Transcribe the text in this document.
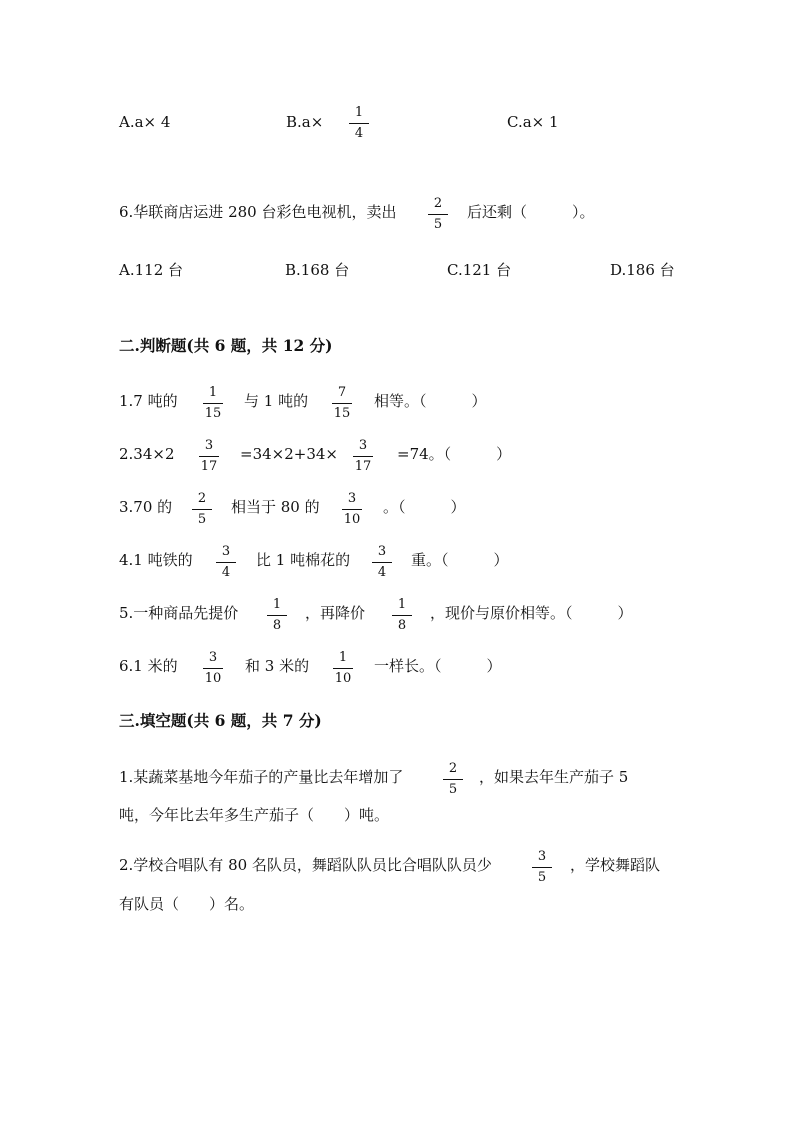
A.a× 4	B.a×
1
4
C.a× 1
6.华联商店运进 280 台彩色电视机，卖出	2
5
后还剩（　　　）。
A.112 台	B.168 台	C.121 台	D.186 台
二.判断题(共 6 题，共 12 分)
1.7 吨的	1
15
与 1 吨的	7
15
相等。（　　　）
2.34×2	3
17
=34×2+34×	3
17
=74。（　　　）
3.70 的	2
5
相当于 80 的	3
10
。（　　　）
4.1 吨铁的	3
4
比 1 吨棉花的	3
4
重。（　　　）
5.一种商品先提价	1
8
，再降价	1
8
，现价与原价相等。（　　　）
6.1 米的	3
10
和 3 米的	1
10
一样长。（　　　）
三.填空题(共 6 题，共 7 分)
1.某蔬菜基地今年茄子的产量比去年增加了	2
5
，如果去年生产茄子 5
吨，今年比去年多生产茄子（　　）吨。
2.学校合唱队有 80 名队员，舞蹈队队员比合唱队队员少	3
5
，学校舞蹈队
有队员（　　）名。
